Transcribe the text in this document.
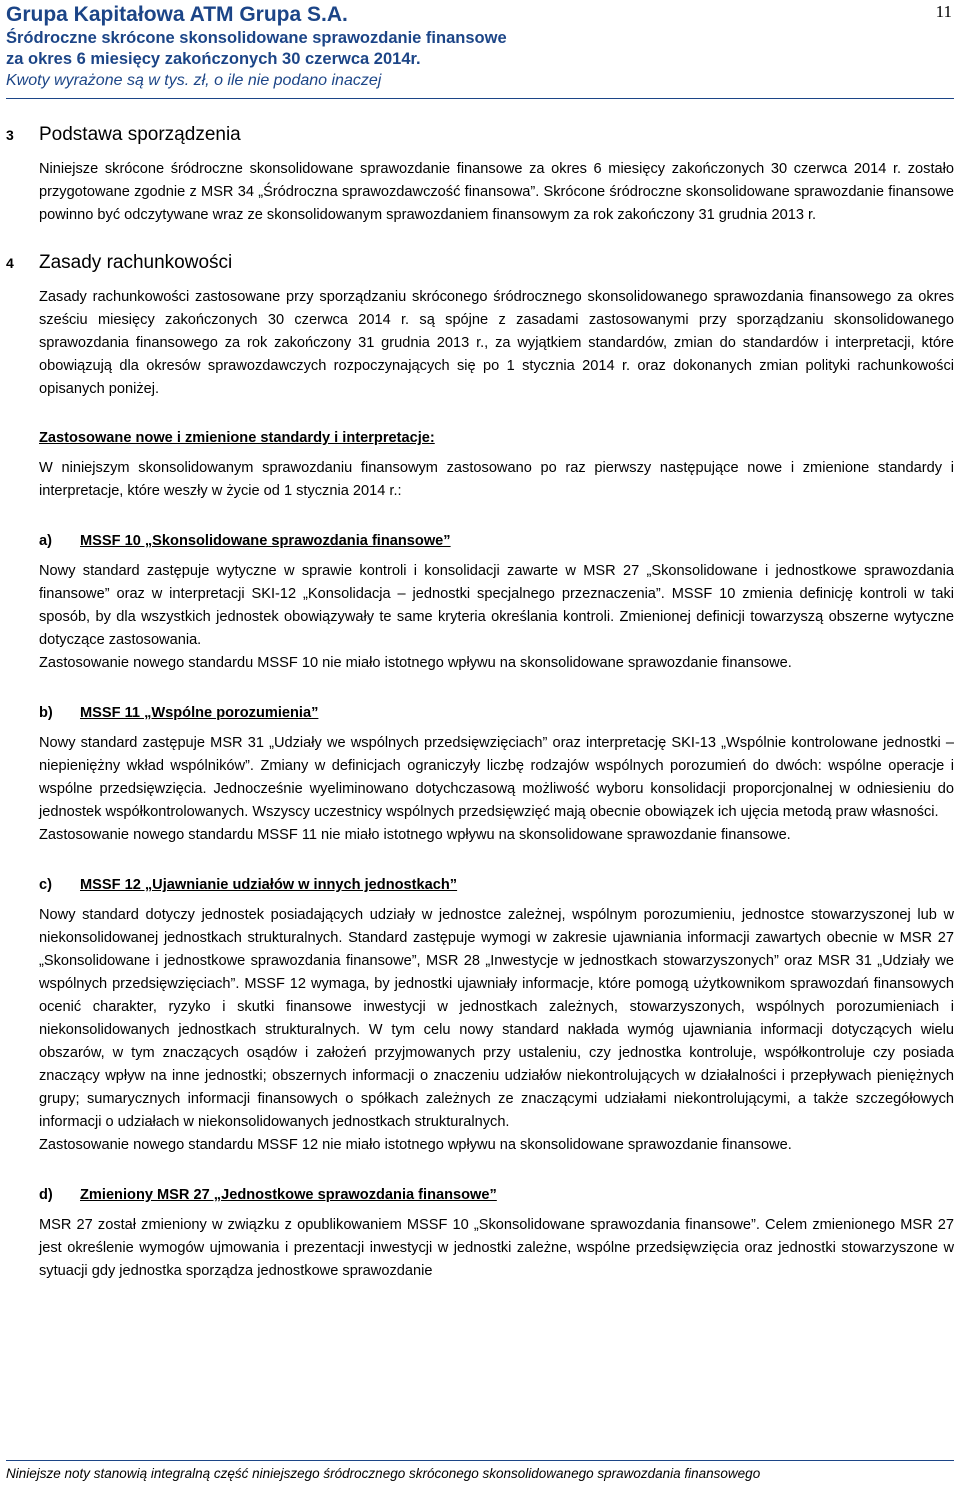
Grupa Kapitałowa ATM Grupa S.A.
Śródroczne skrócone skonsolidowane sprawozdanie finansowe
za okres 6 miesięcy zakończonych 30 czerwca 2014r.
Kwoty wyrażone są w tys. zł, o ile nie podano inaczej
11
3 Podstawa sporządzenia
Niniejsze skrócone śródroczne skonsolidowane sprawozdanie finansowe za okres 6 miesięcy zakończonych 30 czerwca 2014 r. zostało przygotowane zgodnie z MSR 34 „Śródroczna sprawozdawczość finansowa”. Skrócone śródroczne skonsolidowane sprawozdanie finansowe powinno być odczytywane wraz ze skonsolidowanym sprawozdaniem finansowym za rok zakończony 31 grudnia 2013 r.
4 Zasady rachunkowości
Zasady rachunkowości zastosowane przy sporządzaniu skróconego śródrocznego skonsolidowanego sprawozdania finansowego za okres sześciu miesięcy zakończonych 30 czerwca 2014 r. są spójne z zasadami zastosowanymi przy sporządzaniu skonsolidowanego sprawozdania finansowego za rok zakończony 31 grudnia 2013 r., za wyjątkiem standardów, zmian do standardów i interpretacji, które obowiązują dla okresów sprawozdawczych rozpoczynających się po 1 stycznia 2014 r. oraz dokonanych zmian polityki rachunkowości opisanych poniżej.
Zastosowane nowe i zmienione standardy i interpretacje:
W niniejszym skonsolidowanym sprawozdaniu finansowym zastosowano po raz pierwszy następujące nowe i zmienione standardy i interpretacje, które weszły w życie od 1 stycznia 2014 r.:
a) MSSF 10 „Skonsolidowane sprawozdania finansowe”
Nowy standard zastępuje wytyczne w sprawie kontroli i konsolidacji zawarte w MSR 27 „Skonsolidowane i jednostkowe sprawozdania finansowe” oraz w interpretacji SKI-12 „Konsolidacja – jednostki specjalnego przeznaczenia”. MSSF 10 zmienia definicję kontroli w taki sposób, by dla wszystkich jednostek obowiązywały te same kryteria określania kontroli. Zmienionej definicji towarzyszą obszerne wytyczne dotyczące zastosowania.
Zastosowanie nowego standardu MSSF 10 nie miało istotnego wpływu na skonsolidowane sprawozdanie finansowe.
b) MSSF 11 „Wspólne porozumienia”
Nowy standard zastępuje MSR 31 „Udziały we wspólnych przedsięwzięciach” oraz interpretację SKI-13 „Wspólnie kontrolowane jednostki – niepieniężny wkład wspólników”. Zmiany w definicjach ograniczyły liczbę rodzajów wspólnych porozumień do dwóch: wspólne operacje i wspólne przedsięwzięcia. Jednocześnie wyeliminowano dotychczasową możliwość wyboru konsolidacji proporcjonalnej w odniesieniu do jednostek współkontrolowanych. Wszyscy uczestnicy wspólnych przedsięwzięć mają obecnie obowiązek ich ujęcia metodą praw własności.
Zastosowanie nowego standardu MSSF 11 nie miało istotnego wpływu na skonsolidowane sprawozdanie finansowe.
c) MSSF 12 „Ujawnianie udziałów w innych jednostkach”
Nowy standard dotyczy jednostek posiadających udziały w jednostce zależnej, wspólnym porozumieniu, jednostce stowarzyszonej lub w niekonsolidowanej jednostkach strukturalnych. Standard zastępuje wymogi w zakresie ujawniania informacji zawartych obecnie w MSR 27 „Skonsolidowane i jednostkowe sprawozdania finansowe”, MSR 28 „Inwestycje w jednostkach stowarzyszonych” oraz MSR 31 „Udziały we wspólnych przedsięwzięciach”. MSSF 12 wymaga, by jednostki ujawniały informacje, które pomogą użytkownikom sprawozdań finansowych ocenić charakter, ryzyko i skutki finansowe inwestycji w jednostkach zależnych, stowarzyszonych, wspólnych porozumieniach i niekonsolidowanych jednostkach strukturalnych. W tym celu nowy standard nakłada wymóg ujawniania informacji dotyczących wielu obszarów, w tym znaczących osądów i założeń przyjmowanych przy ustaleniu, czy jednostka kontroluje, współkontroluje czy posiada znaczący wpływ na inne jednostki; obszernych informacji o znaczeniu udziałów niekontrolujących w działalności i przepływach pieniężnych grupy; sumarycznych informacji finansowych o spółkach zależnych ze znaczącymi udziałami niekontrolującymi, a także szczegółowych informacji o udziałach w niekonsolidowanych jednostkach strukturalnych.
Zastosowanie nowego standardu MSSF 12 nie miało istotnego wpływu na skonsolidowane sprawozdanie finansowe.
d) Zmieniony MSR 27 „Jednostkowe sprawozdania finansowe”
MSR 27 został zmieniony w związku z opublikowaniem MSSF 10 „Skonsolidowane sprawozdania finansowe”. Celem zmienionego MSR 27 jest określenie wymogów ujmowania i prezentacji inwestycji w jednostki zależne, wspólne przedsięwzięcia oraz jednostki stowarzyszone w sytuacji gdy jednostka sporządza jednostkowe sprawozdanie
Niniejsze noty stanowią integralną część niniejszego śródrocznego skróconego skonsolidowanego sprawozdania finansowego
